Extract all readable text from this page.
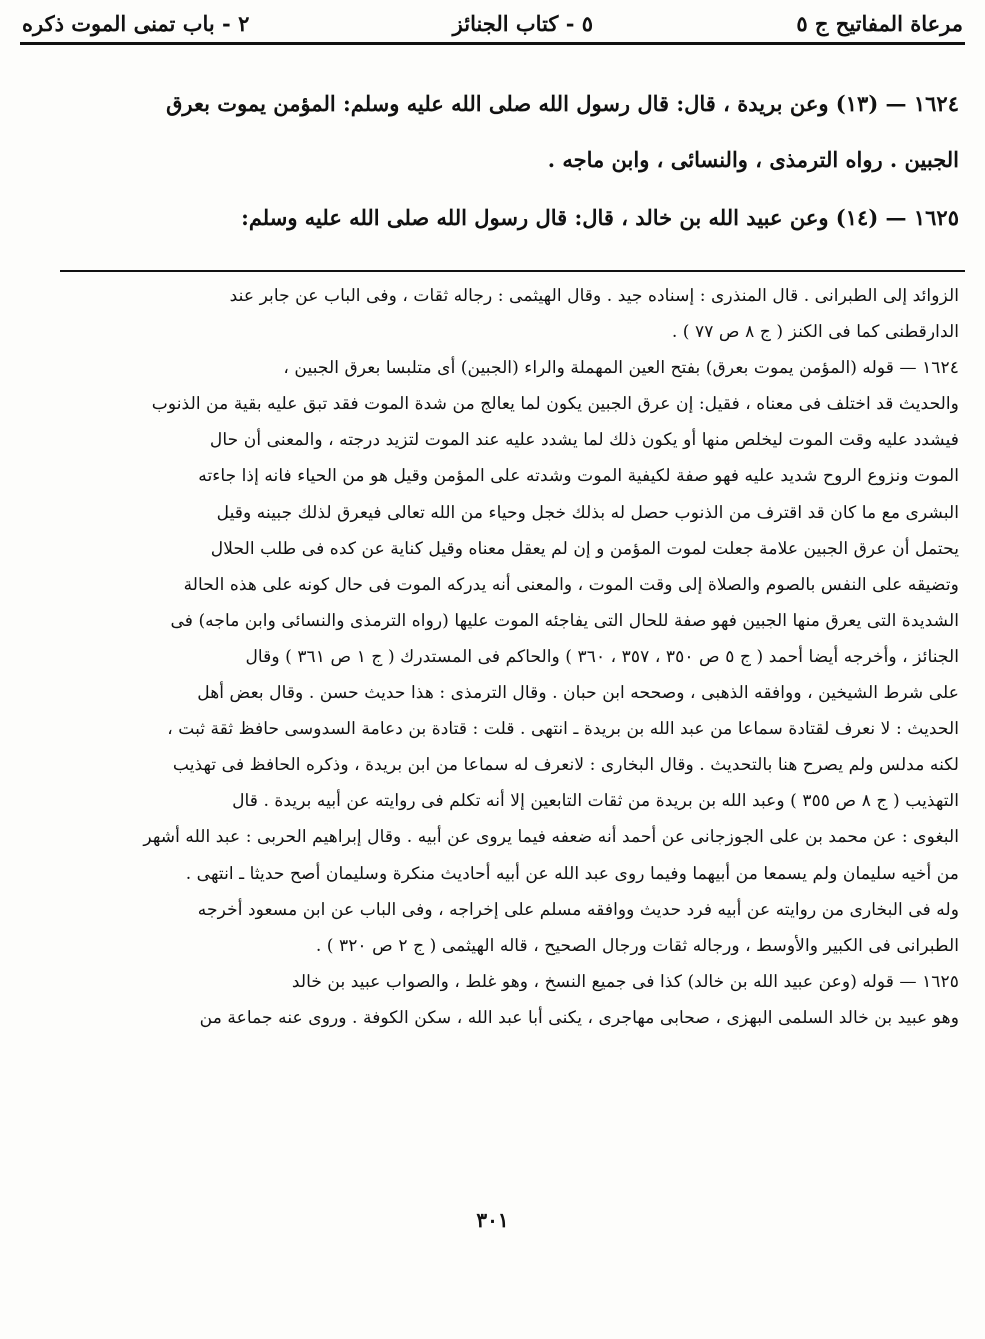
مرعاة المفاتيح ج ٥
٥ - كتاب الجنائز
٢ - باب تمنى الموت ذكره

١٦٢٤ — (١٣) وعن بريدة ، قال: قال رسول الله صلى الله عليه وسلم: المؤمن يموت بعرق

الجبين . رواه الترمذى ، والنسائى ، وابن ماجه .

١٦٢٥ — (١٤) وعن عبيد الله بن خالد ، قال: قال رسول الله صلى الله عليه وسلم:

الزوائد إلى الطبرانى . قال المنذرى : إسناده جيد . وقال الهيثمى : رجاله ثقات ، وفى الباب عن جابر عند

الدارقطنى كما فى الكنز ( ج ٨ ص ٧٧ ) .

١٦٢٤ — قوله (المؤمن يموت بعرق) بفتح العين المهملة والراء (الجبين) أى متلبسا بعرق الجبين ،

والحديث قد اختلف فى معناه ، فقيل: إن عرق الجبين يكون لما يعالج من شدة الموت فقد تبق عليه بقية من الذنوب

فيشدد عليه وقت الموت ليخلص منها أو يكون ذلك لما يشدد عليه عند الموت لتزيد درجته ، والمعنى أن حال

الموت ونزوع الروح شديد عليه فهو صفة لكيفية الموت وشدته على المؤمن وقيل هو من الحياء فانه إذا جاءته

البشرى مع ما كان قد اقترف من الذنوب حصل له بذلك خجل وحياء من الله تعالى فيعرق لذلك جبينه وقيل

يحتمل أن عرق الجبين علامة جعلت لموت المؤمن و إن لم يعقل معناه وقيل كناية عن كده فى طلب الحلال

وتضيقه على النفس بالصوم والصلاة إلى وقت الموت ، والمعنى أنه يدركه الموت فى حال كونه على هذه الحالة

الشديدة التى يعرق منها الجبين فهو صفة للحال التى يفاجئه الموت عليها (رواه الترمذى والنسائى وابن ماجه) فى

الجنائز ، وأخرجه أيضا أحمد ( ج ٥ ص ٣٥٠ ، ٣٥٧ ، ٣٦٠ ) والحاكم فى المستدرك ( ج ١ ص ٣٦١ ) وقال

على شرط الشيخين ، ووافقه الذهبى ، وصححه ابن حبان . وقال الترمذى : هذا حديث حسن . وقال بعض أهل

الحديث : لا نعرف لقتادة سماعا من عبد الله بن بريدة ـ انتهى . قلت : قتادة بن دعامة السدوسى حافظ ثقة ثبت ،

لكنه مدلس ولم يصرح هنا بالتحديث . وقال البخارى : لانعرف له سماعا من ابن بريدة ، وذكره الحافظ فى تهذيب

التهذيب ( ج ٨ ص ٣٥٥ ) وعبد الله بن بريدة من ثقات التابعين إلا أنه تكلم فى روايته عن أبيه بريدة . قال

البغوى : عن محمد بن على الجوزجانى عن أحمد أنه ضعفه فيما يروى عن أبيه . وقال إبراهيم الحربى : عبد الله أشهر

من أخيه سليمان ولم يسمعا من أبيهما وفيما روى عبد الله عن أبيه أحاديث منكرة وسليمان أصح حديثا ـ انتهى .

وله فى البخارى من روايته عن أبيه فرد حديث ووافقه مسلم على إخراجه ، وفى الباب عن ابن مسعود أخرجه

الطبرانى فى الكبير والأوسط ، ورجاله ثقات ورجال الصحيح ، قاله الهيثمى ( ج ٢ ص ٣٢٠ ) .

١٦٢٥ — قوله (وعن عبيد الله بن خالد) كذا فى جميع النسخ ، وهو غلط ، والصواب عبيد بن خالد

وهو عبيد بن خالد السلمى البهزى ، صحابى مهاجرى ، يكنى أبا عبد الله ، سكن الكوفة . وروى عنه جماعة من

٣٠١
